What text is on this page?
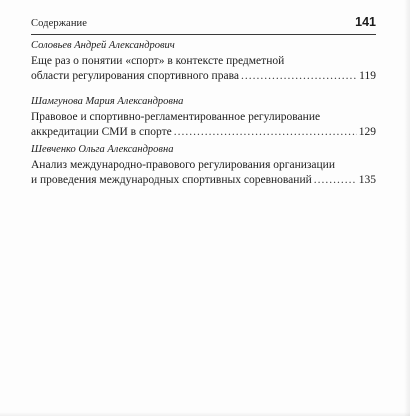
Содержание	141
Соловьев Андрей Александрович
Еще раз о понятии «спорт» в контексте предметной
области регулирования спортивного права .....	119
Шамгунова Мария Александровна
Правовое и спортивно-регламентированное регулирование
аккредитации СМИ в спорте .....	129
Шевченко Ольга Александровна
Анализ международно-правового регулирования организации
и проведения международных спортивных соревнований .....	135
